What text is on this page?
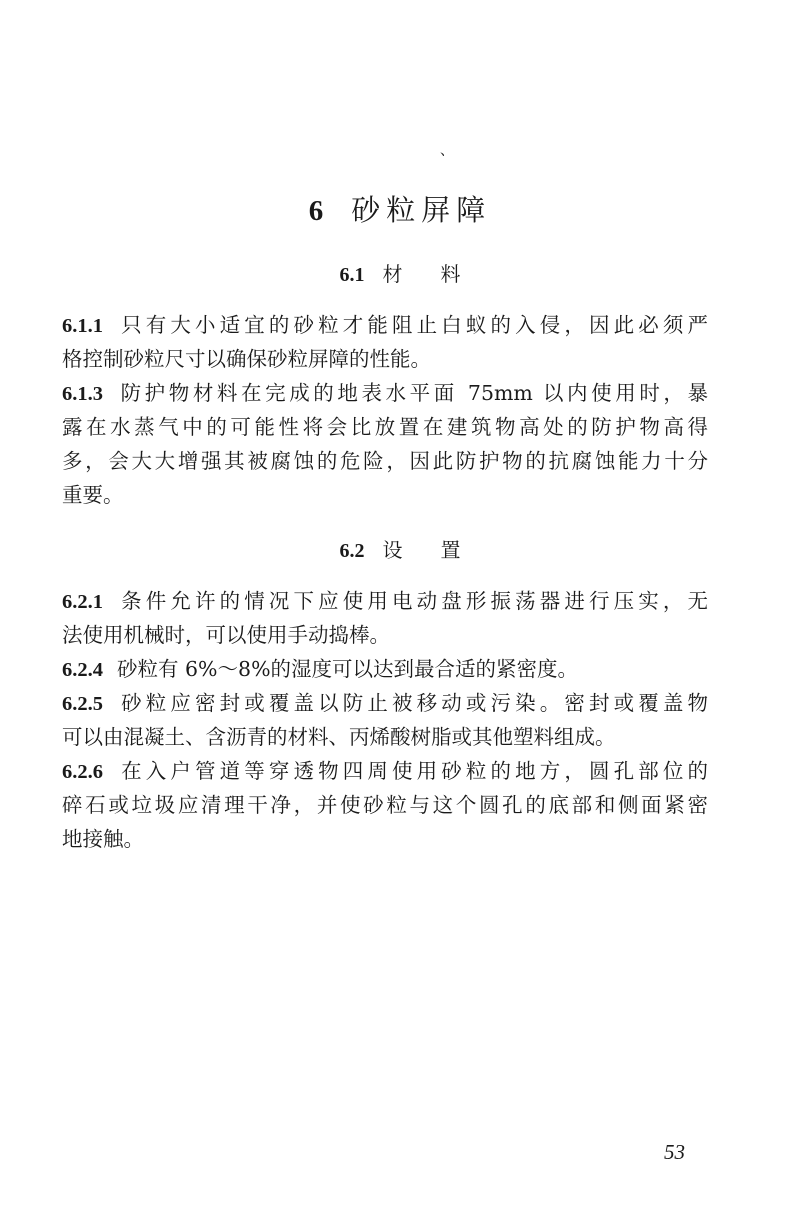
、
6 砂粒屏障
6.1 材料
6.1.1 只有大小适宜的砂粒才能阻止白蚁的入侵，因此必须严
格控制砂粒尺寸以确保砂粒屏障的性能。
6.1.3 防护物材料在完成的地表水平面 75mm 以内使用时，暴
露在水蒸气中的可能性将会比放置在建筑物高处的防护物高得
多，会大大增强其被腐蚀的危险，因此防护物的抗腐蚀能力十分
重要。
6.2 设置
6.2.1 条件允许的情况下应使用电动盘形振荡器进行压实，无
法使用机械时，可以使用手动捣棒。
6.2.4 砂粒有 6%～8%的湿度可以达到最合适的紧密度。
6.2.5 砂粒应密封或覆盖以防止被移动或污染。密封或覆盖物
可以由混凝土、含沥青的材料、丙烯酸树脂或其他塑料组成。
6.2.6 在入户管道等穿透物四周使用砂粒的地方，圆孔部位的
碎石或垃圾应清理干净，并使砂粒与这个圆孔的底部和侧面紧密
地接触。
53
